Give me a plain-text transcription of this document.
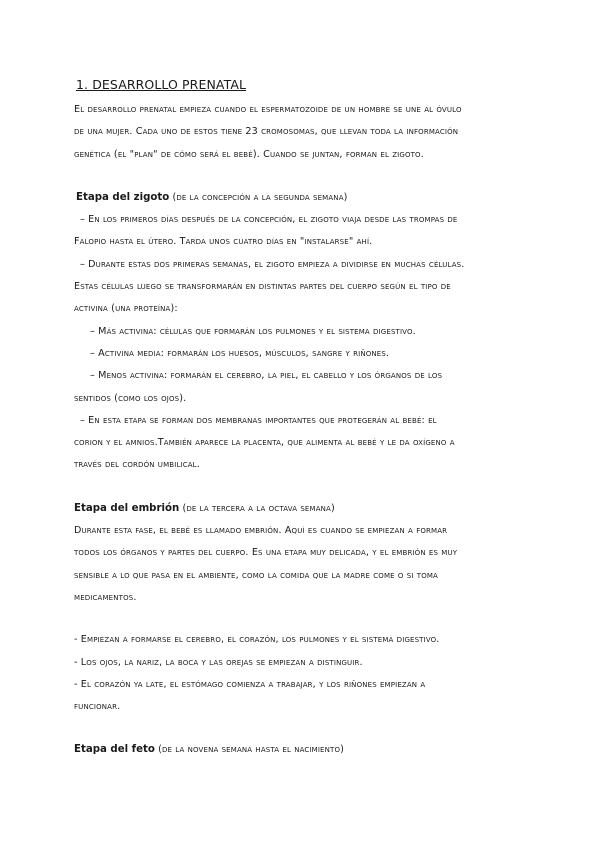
1. DESARROLLO PRENATAL

El desarrollo prenatal empieza cuando el espermatozoide de un hombre se une al óvulo

de una mujer. Cada uno de estos tiene 23 cromosomas, que llevan toda la información

genética (el "plan" de cómo será el bebé). Cuando se juntan, forman el zigoto.

Etapa del zigoto (de la concepción a la segunda semana)

– En los primeros días después de la concepción, el zigoto viaja desde las trompas de

Falopio hasta el útero. Tarda unos cuatro días en "instalarse" ahí.

– Durante estas dos primeras semanas, el zigoto empieza a dividirse en muchas células.

Estas células luego se transformarán en distintas partes del cuerpo según el tipo de

activina (una proteína):

– Más activina: células que formarán los pulmones y el sistema digestivo.

– Activina media: formarán los huesos, músculos, sangre y riñones.

– Menos activina: formarán el cerebro, la piel, el cabello y los órganos de los

sentidos (como los ojos).

– En esta etapa se forman dos membranas importantes que protegerán al bebé: el

corion y el amnios.También aparece la placenta, que alimenta al bebé y le da oxígeno a

través del cordón umbilical.

Etapa del embrión (de la tercera a la octava semana)

Durante esta fase, el bebé es llamado embrión. Aquí es cuando se empiezan a formar

todos los órganos y partes del cuerpo. Es una etapa muy delicada, y el embrión es muy

sensible a lo que pasa en el ambiente, como la comida que la madre come o si toma

medicamentos.

- Empiezan a formarse el cerebro, el corazón, los pulmones y el sistema digestivo.

- Los ojos, la nariz, la boca y las orejas se empiezan a distinguir.

- El corazón ya late, el estómago comienza a trabajar, y los riñones empiezan a

funcionar.

Etapa del feto (de la novena semana hasta el nacimiento)
